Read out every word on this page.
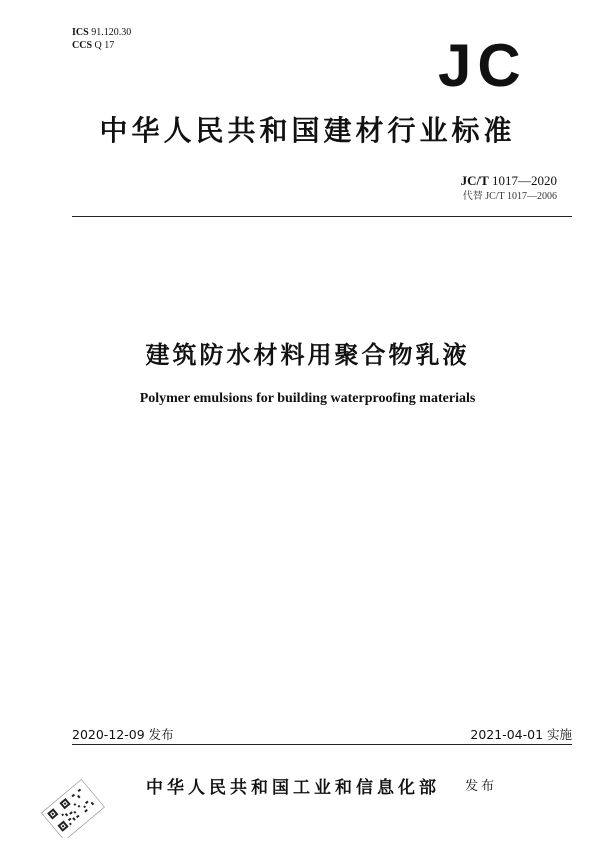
ICS 91.120.30
CCS Q 17	JC
中华人民共和国建材行业标准
JC/T 1017—2020
代替 JC/T 1017—2006
建筑防水材料用聚合物乳液
Polymer emulsions for building waterproofing materials
2020-12-09 发布	2021-04-01 实施
中华人民共和国工业和信息化部 发布
